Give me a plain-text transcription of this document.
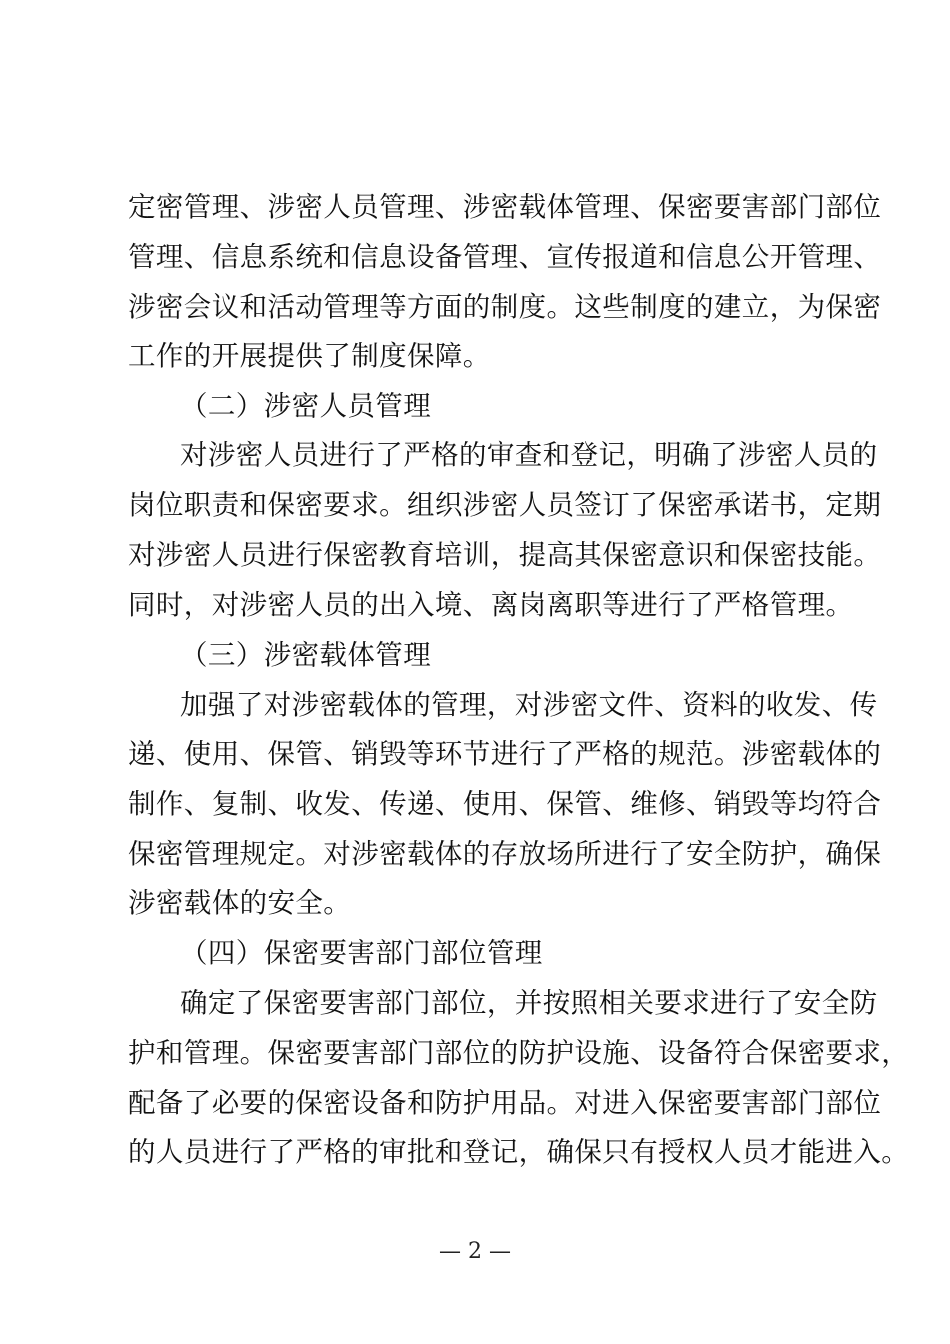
定密管理、涉密人员管理、涉密载体管理、保密要害部门部位
管理、信息系统和信息设备管理、宣传报道和信息公开管理、
涉密会议和活动管理等方面的制度。这些制度的建立，为保密
工作的开展提供了制度保障。
（二）涉密人员管理
对涉密人员进行了严格的审查和登记，明确了涉密人员的
岗位职责和保密要求。组织涉密人员签订了保密承诺书，定期
对涉密人员进行保密教育培训，提高其保密意识和保密技能。
同时，对涉密人员的出入境、离岗离职等进行了严格管理。
（三）涉密载体管理
加强了对涉密载体的管理，对涉密文件、资料的收发、传
递、使用、保管、销毁等环节进行了严格的规范。涉密载体的
制作、复制、收发、传递、使用、保管、维修、销毁等均符合
保密管理规定。对涉密载体的存放场所进行了安全防护，确保
涉密载体的安全。
（四）保密要害部门部位管理
确定了保密要害部门部位，并按照相关要求进行了安全防
护和管理。保密要害部门部位的防护设施、设备符合保密要求，
配备了必要的保密设备和防护用品。对进入保密要害部门部位
的人员进行了严格的审批和登记，确保只有授权人员才能进入。
— 2 —
